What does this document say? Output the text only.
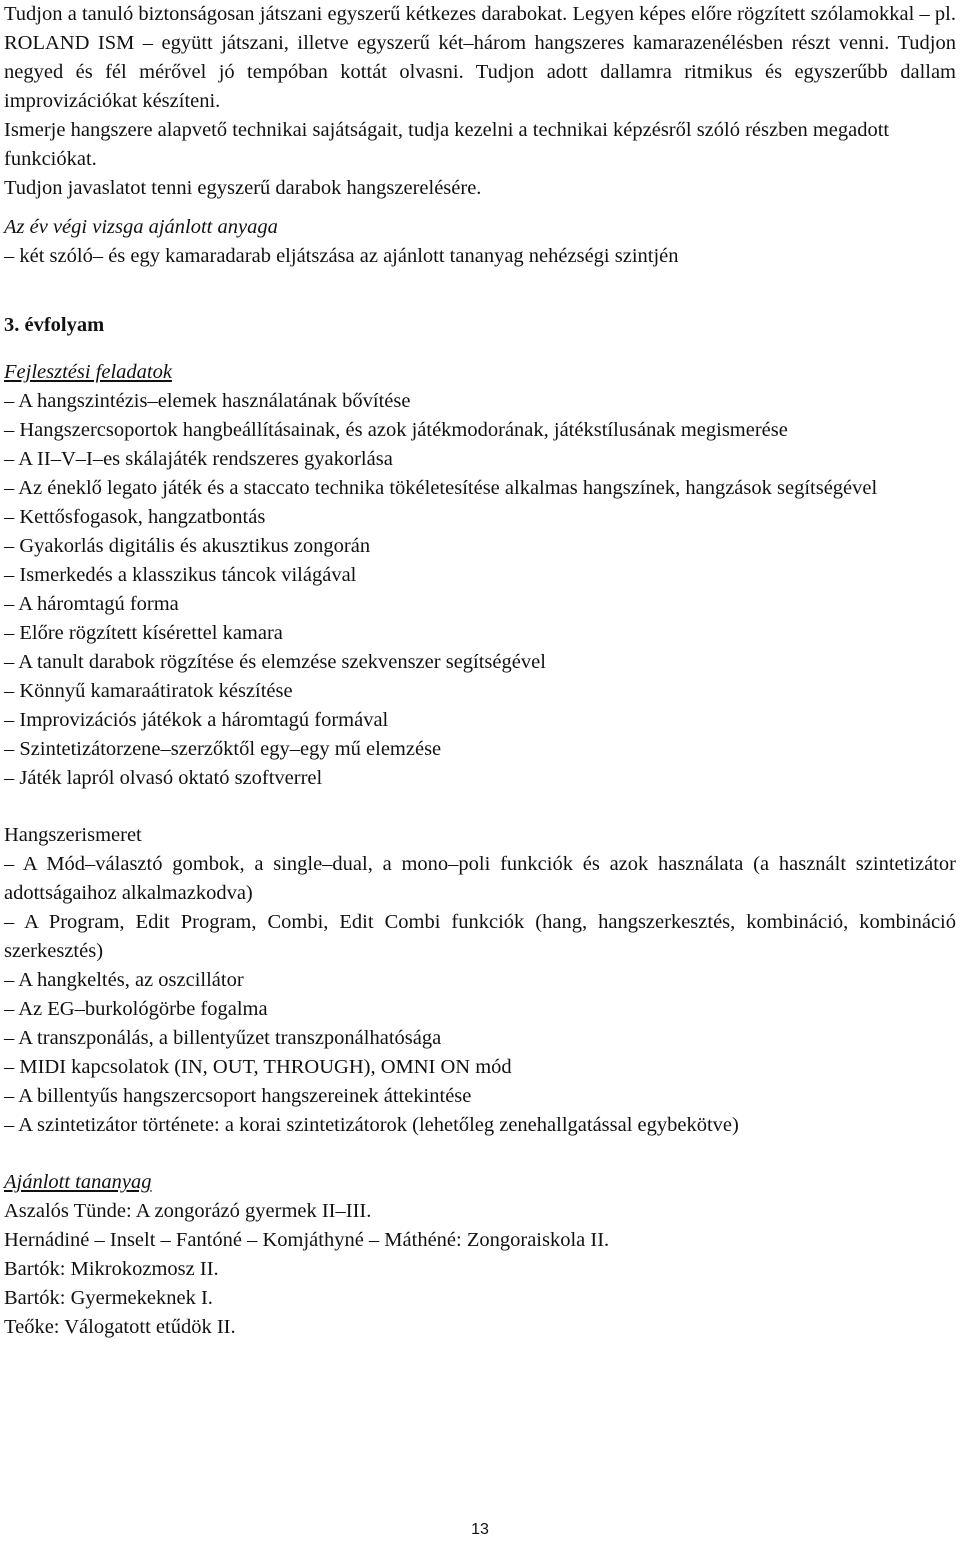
Tudjon a tanuló biztonságosan játszani egyszerű kétkezes darabokat. Legyen képes előre rögzített szólamokkal – pl. ROLAND ISM – együtt játszani, illetve egyszerű két–három hangszeres kamarazenélésben részt venni. Tudjon negyed és fél mérővel jó tempóban kottát olvasni. Tudjon adott dallamra ritmikus és egyszerűbb dallam improvizációkat készíteni.

Ismerje hangszere alapvető technikai sajátságait, tudja kezelni a technikai képzésről szóló részben megadott funkciókat.

Tudjon javaslatot tenni egyszerű darabok hangszerelésére.

Az év végi vizsga ajánlott anyaga

– két szóló– és egy kamaradarab eljátszása az ajánlott tananyag nehézségi szintjén

3. évfolyam

Fejlesztési feladatok

– A hangszintézis–elemek használatának bővítése

– Hangszercsoportok hangbeállításainak, és azok játékmodorának, játékstílusának megismerése

– A II–V–I–es skálajáték rendszeres gyakorlása

– Az éneklő legato játék és a staccato technika tökéletesítése alkalmas hangszínek, hangzások segítségével

– Kettősfogasok, hangzatbontás

– Gyakorlás digitális és akusztikus zongorán

– Ismerkedés a klasszikus táncok világával

– A háromtagú forma

– Előre rögzített kísérettel kamara

– A tanult darabok rögzítése és elemzése szekvenszer segítségével

– Könnyű kamaraátiratok készítése

– Improvizációs játékok a háromtagú formával

– Szintetizátorzene–szerzőktől egy–egy mű elemzése

– Játék lapról olvasó oktató szoftverrel

Hangszerismeret

– A Mód–választó gombok, a single–dual, a mono–poli funkciók és azok használata (a használt szintetizátor adottságaihoz alkalmazkodva)

– A Program, Edit Program, Combi, Edit Combi funkciók (hang, hangszerkesztés, kombináció, kombináció szerkesztés)

– A hangkeltés, az oszcillátor

– Az EG–burkológörbe fogalma

– A transzponálás, a billentyűzet transzponálhatósága

– MIDI kapcsolatok (IN, OUT, THROUGH), OMNI ON mód

– A billentyűs hangszercsoport hangszereinek áttekintése

– A szintetizátor története: a korai szintetizátorok (lehetőleg zenehallgatással egybekötve)

Ajánlott tananyag

Aszalós Tünde: A zongorázó gyermek II–III.

Hernádiné – Inselt – Fantóné – Komjáthyné – Máthéné: Zongoraiskola II.

Bartók: Mikrokozmosz II.

Bartók: Gyermekeknek I.

Teőke: Válogatott etűdök II.

13
